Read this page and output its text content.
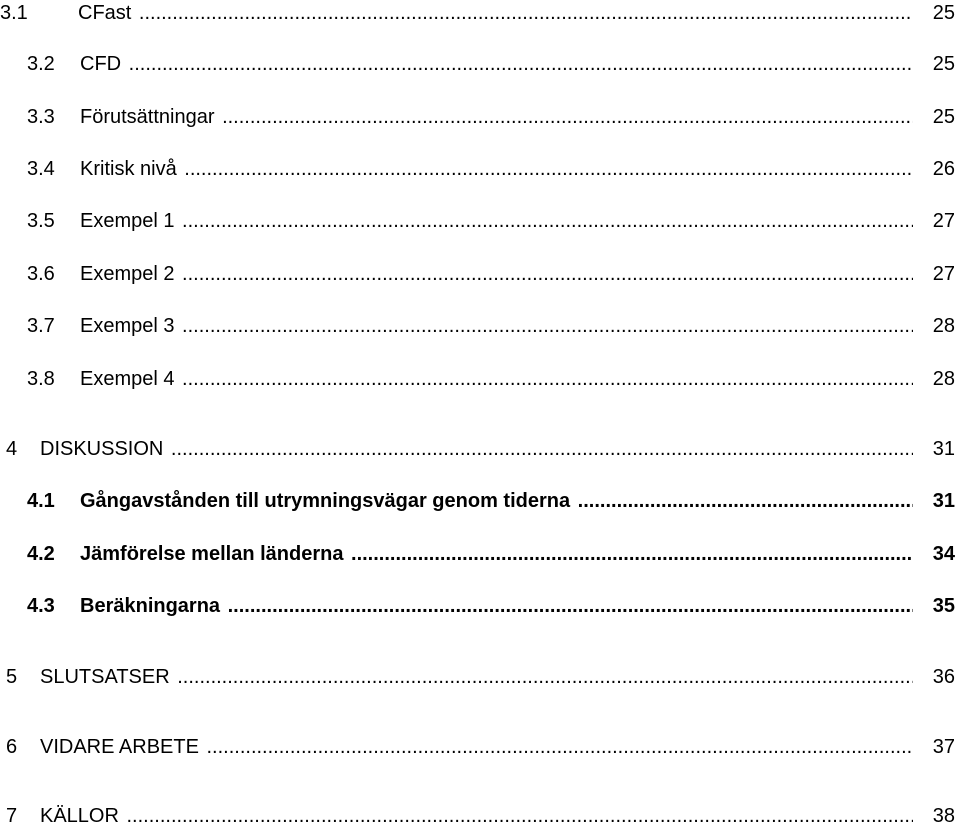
3.1	CFast .....	25
3.2 CFD .....	25
3.3 Förutsättningar .....	25
3.4 Kritisk nivå .....	26
3.5 Exempel 1 .....	27
3.6 Exempel 2 .....	27
3.7 Exempel 3 .....	28
3.8 Exempel 4 .....	28
4 DISKUSSION .....	31
4.1 Gångavstånden till utrymningsvägar genom tiderna .....	31
4.2 Jämförelse mellan länderna .....	34
4.3 Beräkningarna .....	35
5 SLUTSATSER .....	36
6 VIDARE ARBETE .....	37
7 KÄLLOR .....	38
